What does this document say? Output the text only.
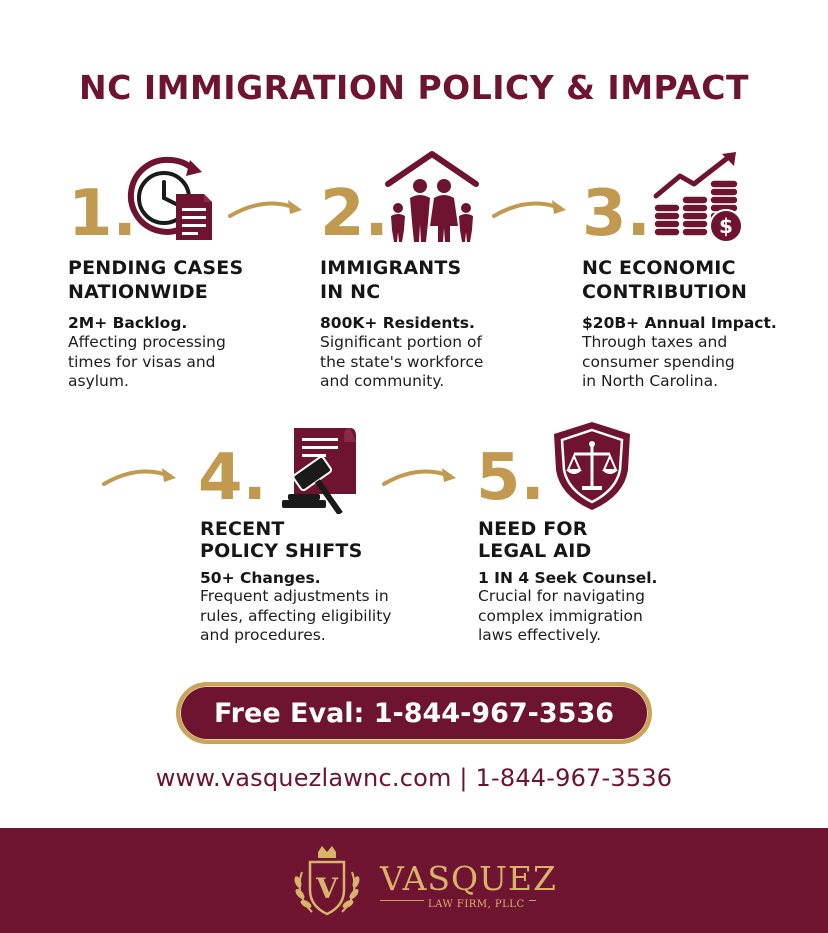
NC IMMIGRATION POLICY & IMPACT
1.
PENDING CASES
NATIONWIDE
2M+ Backlog.
Affecting processing
times for visas and
asylum.
2.
IMMIGRANTS
IN NC
800K+ Residents.
Significant portion of
the state's workforce
and community.
3.	$
NC ECONOMIC
CONTRIBUTION
$20B+ Annual Impact.
Through taxes and
consumer spending
in North Carolina.
4.
RECENT
POLICY SHIFTS
50+ Changes.
Frequent adjustments in
rules, affecting eligibility
and procedures.
5.
NEED FOR
LEGAL AID
1 IN 4 Seek Counsel.
Crucial for navigating
complex immigration
laws effectively.
Free Eval: 1-844-967-3536
www.vasquezlawnc.com | 1-844-967-3536
V VASQUEZ
LAW FIRM, PLLC
